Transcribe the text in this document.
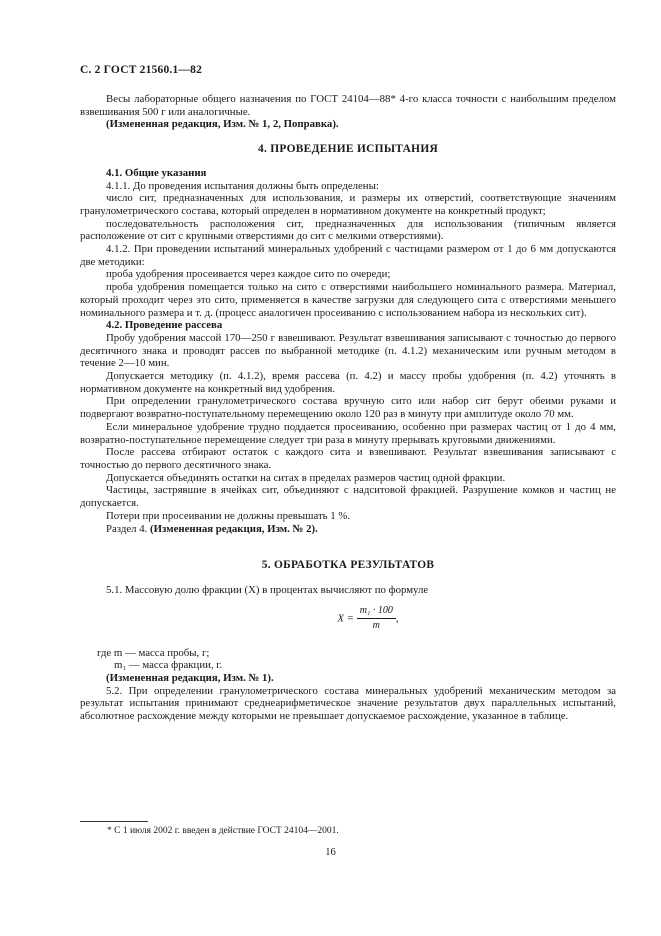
С. 2 ГОСТ 21560.1—82

Весы лабораторные общего назначения по ГОСТ 24104—88* 4-го класса точности с наибольшим пределом взвешивания 500 г или аналогичные.

(Измененная редакция, Изм. № 1, 2, Поправка).

4. ПРОВЕДЕНИЕ ИСПЫТАНИЯ

4.1. Общие указания

4.1.1. До проведения испытания должны быть определены:

число сит, предназначенных для использования, и размеры их отверстий, соответствующие значениям гранулометрического состава, который определен в нормативном документе на конкретный продукт;

последовательность расположения сит, предназначенных для использования (типичным является расположение от сит с крупными отверстиями до сит с мелкими отверстиями).

4.1.2. При проведении испытаний минеральных удобрений с частицами размером от 1 до 6 мм допускаются две методики:

проба удобрения просеивается через каждое сито по очереди;

проба удобрения помещается только на сито с отверстиями наибольшего номинального размера. Материал, который проходит через это сито, применяется в качестве загрузки для следующего сита с отверстиями меньшего номинального размера и т. д. (процесс аналогичен просеиванию с использованием набора из нескольких сит).

4.2. Проведение рассева

Пробу удобрения массой 170—250 г взвешивают. Результат взвешивания записывают с точностью до первого десятичного знака и проводят рассев по выбранной методике (п. 4.1.2) механическим или ручным методом в течение 2—10 мин.

Допускается методику (п. 4.1.2), время рассева (п. 4.2) и массу пробы удобрения (п. 4.2) уточнять в нормативном документе на конкретный вид удобрения.

При определении гранулометрического состава вручную сито или набор сит берут обеими руками и подвергают возвратно-поступательному перемещению около 120 раз в минуту при амплитуде около 70 мм.

Если минеральное удобрение трудно поддается просеиванию, особенно при размерах частиц от 1 до 4 мм, возвратно-поступательное перемещение следует три раза в минуту прерывать круговыми движениями.

После рассева отбирают остаток с каждого сита и взвешивают. Результат взвешивания записывают с точностью до первого десятичного знака.

Допускается объединять остатки на ситах в пределах размеров частиц одной фракции.

Частицы, застрявшие в ячейках сит, объединяют с надситовой фракцией. Разрушение комков и частиц не допускается.

Потери при просеивании не должны превышать 1 %.

Раздел 4. (Измененная редакция, Изм. № 2).

5. ОБРАБОТКА РЕЗУЛЬТАТОВ

5.1. Массовую долю фракции (X) в процентах вычисляют по формуле

$X = \frac{\text{m₁ · 100}}{m}$ ,

где m — масса пробы, г;

m₁ — масса фракции, г.

(Измененная редакция, Изм. № 1).

5.2. При определении гранулометрического состава минеральных удобрений механическим методом за результат испытания принимают среднеарифметическое значение результатов двух параллельных испытаний, абсолютное расхождение между которыми не превышает допускаемое расхождение, указанное в таблице.

* С 1 июля 2002 г. введен в действие ГОСТ 24104—2001.
16
